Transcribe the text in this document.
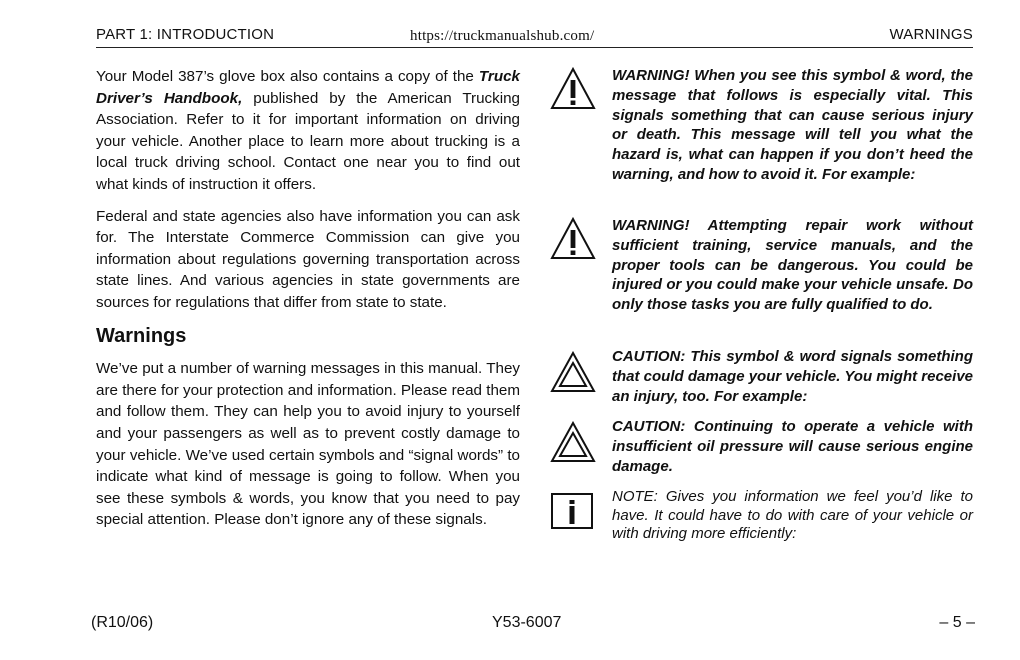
PART 1: INTRODUCTION	https://truckmanualshub.com/	WARNINGS

Your Model 387’s glove box also contains a copy of the Truck Driver’s Handbook, published by the American Trucking Association. Refer to it for important information on driving your vehicle. Another place to learn more about trucking is a local truck driving school. Contact one near you to find out what kinds of instruction it offers.

Federal and state agencies also have information you can ask for. The Interstate Commerce Commission can give you information about regulations governing transportation across state lines. And various agencies in state governments are sources for regulations that differ from state to state.

Warnings

We’ve put a number of warning messages in this manual. They are there for your protection and information. Please read them and follow them. They can help you to avoid injury to yourself and your passengers as well as to prevent costly damage to your vehicle. We’ve used certain symbols and “signal words” to indicate what kind of message is going to follow. When you see these symbols & words, you know that you need to pay special attention. Please don’t ignore any of these signals.

WARNING! When you see this symbol & word, the message that follows is especially vital. This signals something that can cause serious injury or death. This message will tell you what the hazard is, what can happen if you don’t heed the warning, and how to avoid it. For example:
WARNING! Attempting repair work without sufficient training, service manuals, and the proper tools can be dangerous. You could be injured or you could make your vehicle unsafe. Do only those tasks you are fully qualified to do.
CAUTION: This symbol & word signals something that could damage your vehicle. You might receive an injury, too. For example:
CAUTION: Continuing to operate a vehicle with insufficient oil pressure will cause serious engine damage.
NOTE: Gives you information we feel you’d like to have. It could have to do with care of your vehicle or with driving more efficiently:
(R10/06)	Y53-6007	– 5 –
